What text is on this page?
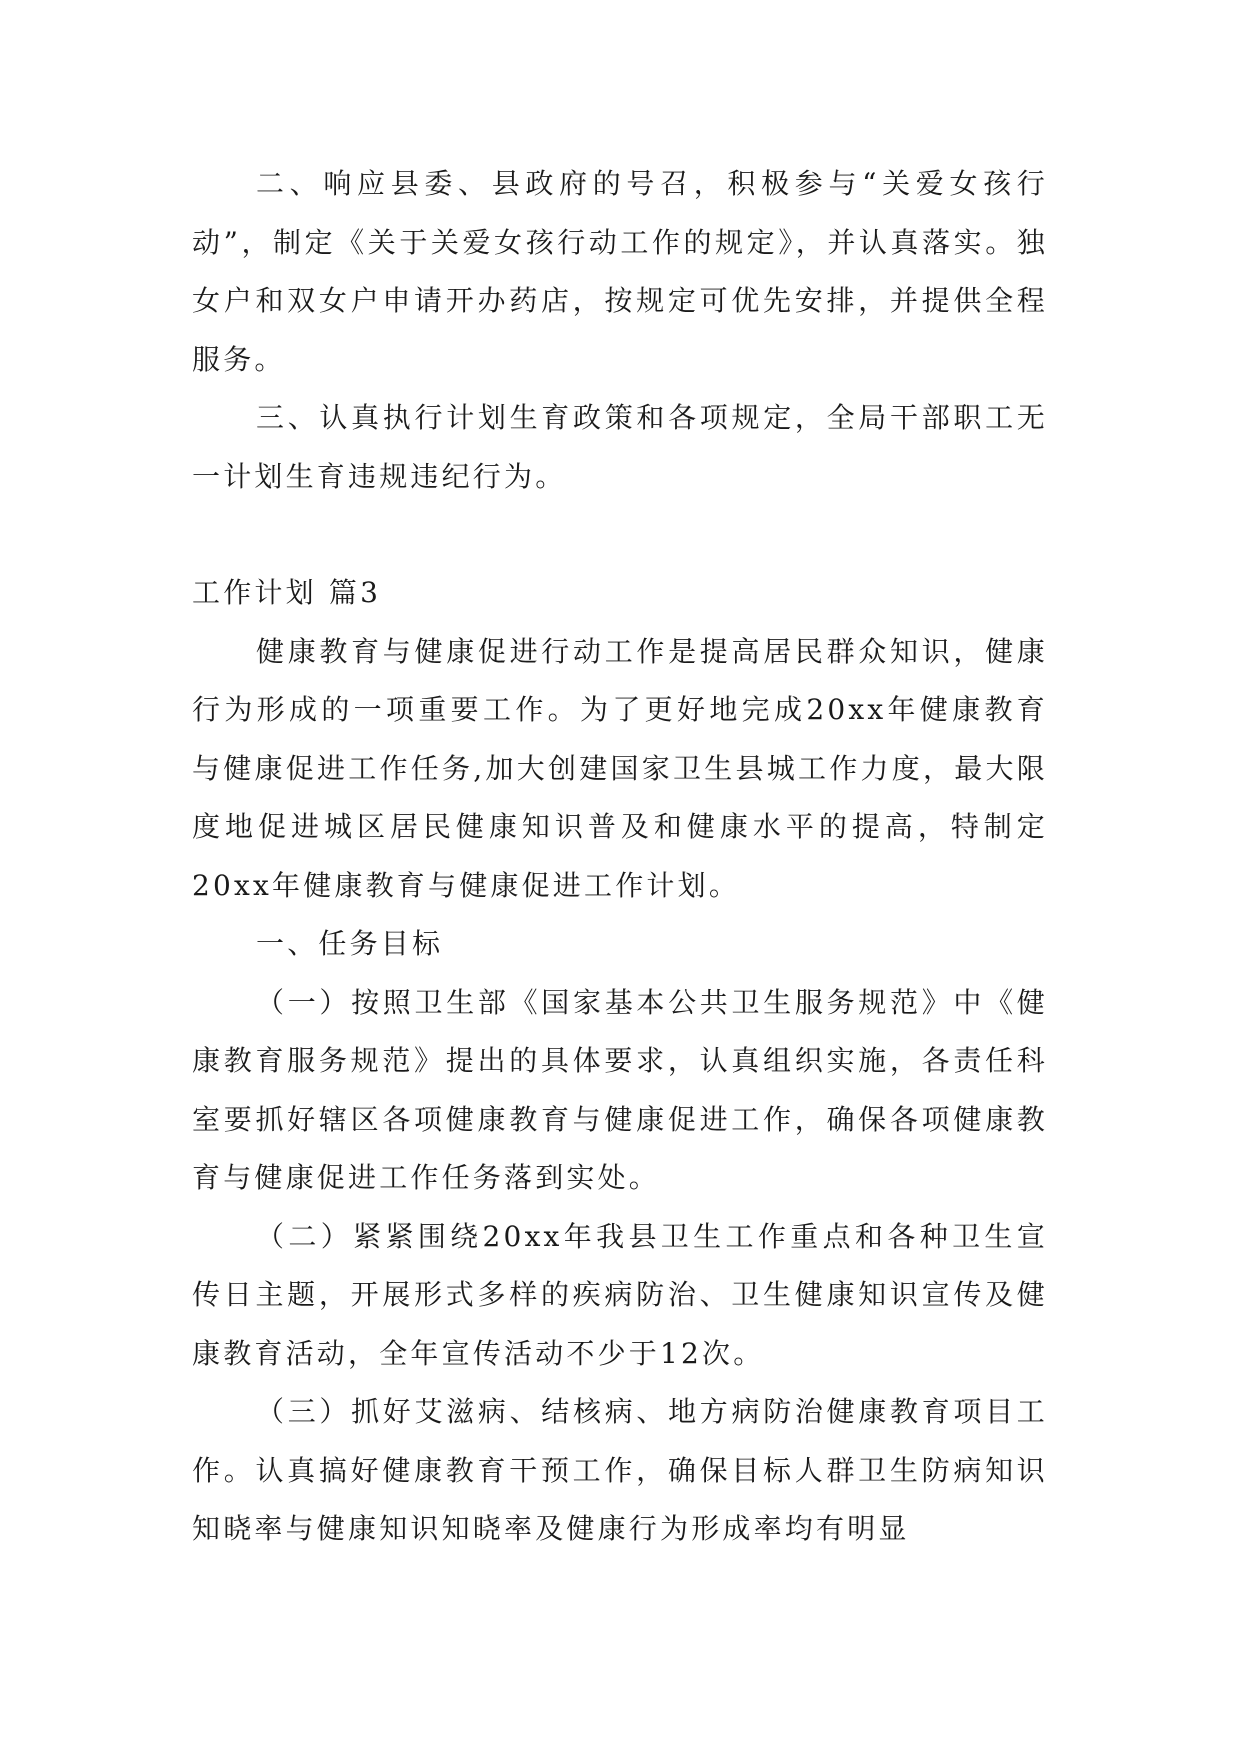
二、响应县委、县政府的号召，积极参与“关爱女孩行动”，制定《关于关爱女孩行动工作的规定》，并认真落实。独女户和双女户申请开办药店，按规定可优先安排，并提供全程服务。

三、认真执行计划生育政策和各项规定，全局干部职工无一计划生育违规违纪行为。

工作计划 篇3

健康教育与健康促进行动工作是提高居民群众知识，健康行为形成的一项重要工作。为了更好地完成20xx年健康教育与健康促进工作任务,加大创建国家卫生县城工作力度，最大限度地促进城区居民健康知识普及和健康水平的提高，特制定20xx年健康教育与健康促进工作计划。

一、任务目标

（一）按照卫生部《国家基本公共卫生服务规范》中《健康教育服务规范》提出的具体要求，认真组织实施，各责任科室要抓好辖区各项健康教育与健康促进工作，确保各项健康教育与健康促进工作任务落到实处。

（二）紧紧围绕20xx年我县卫生工作重点和各种卫生宣传日主题，开展形式多样的疾病防治、卫生健康知识宣传及健康教育活动，全年宣传活动不少于12次。

（三）抓好艾滋病、结核病、地方病防治健康教育项目工作。认真搞好健康教育干预工作，确保目标人群卫生防病知识知晓率与健康知识知晓率及健康行为形成率均有明显
